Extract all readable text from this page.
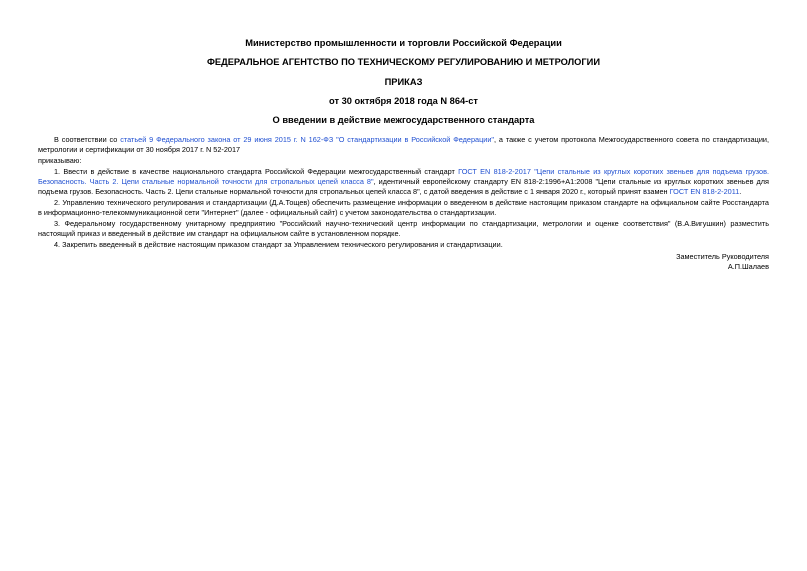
Министерство промышленности и торговли Российской Федерации
ФЕДЕРАЛЬНОЕ АГЕНТСТВО ПО ТЕХНИЧЕСКОМУ РЕГУЛИРОВАНИЮ И МЕТРОЛОГИИ
ПРИКАЗ
от 30 октября 2018 года N 864-ст
О введении в действие межгосударственного стандарта

В соответствии со статьей 9 Федерального закона от 29 июня 2015 г. N 162-ФЗ "О стандартизации в Российской Федерации", а также с учетом протокола Межгосударственного совета по стандартизации, метрологии и сертификации от 30 ноября 2017 г. N 52-2017

приказываю:

1. Ввести в действие в качестве национального стандарта Российской Федерации межгосударственный стандарт ГОСТ EN 818-2-2017 "Цепи стальные из круглых коротких звеньев для подъема грузов. Безопасность. Часть 2. Цепи стальные нормальной точности для стропальных цепей класса 8", идентичный европейскому стандарту EN 818-2:1996+A1:2008 "Цепи стальные из круглых коротких звеньев для подъема грузов. Безопасность. Часть 2. Цепи стальные нормальной точности для стропальных цепей класса 8", с датой введения в действие с 1 января 2020 г., который принят взамен ГОСТ EN 818-2-2011.

2. Управлению технического регулирования и стандартизации (Д.А.Тощев) обеспечить размещение информации о введенном в действие настоящим приказом стандарте на официальном сайте Росстандарта в информационно-телекоммуникационной сети "Интернет" (далее - официальный сайт) с учетом законодательства о стандартизации.

3. Федеральному государственному унитарному предприятию "Российский научно-технический центр информации по стандартизации, метрологии и оценке соответствия" (В.А.Вигушкин) разместить настоящий приказ и введенный в действие им стандарт на официальном сайте в установленном порядке.

4. Закрепить введенный в действие настоящим приказом стандарт за Управлением технического регулирования и стандартизации.

Заместитель Руководителя
А.П.Шалаев
